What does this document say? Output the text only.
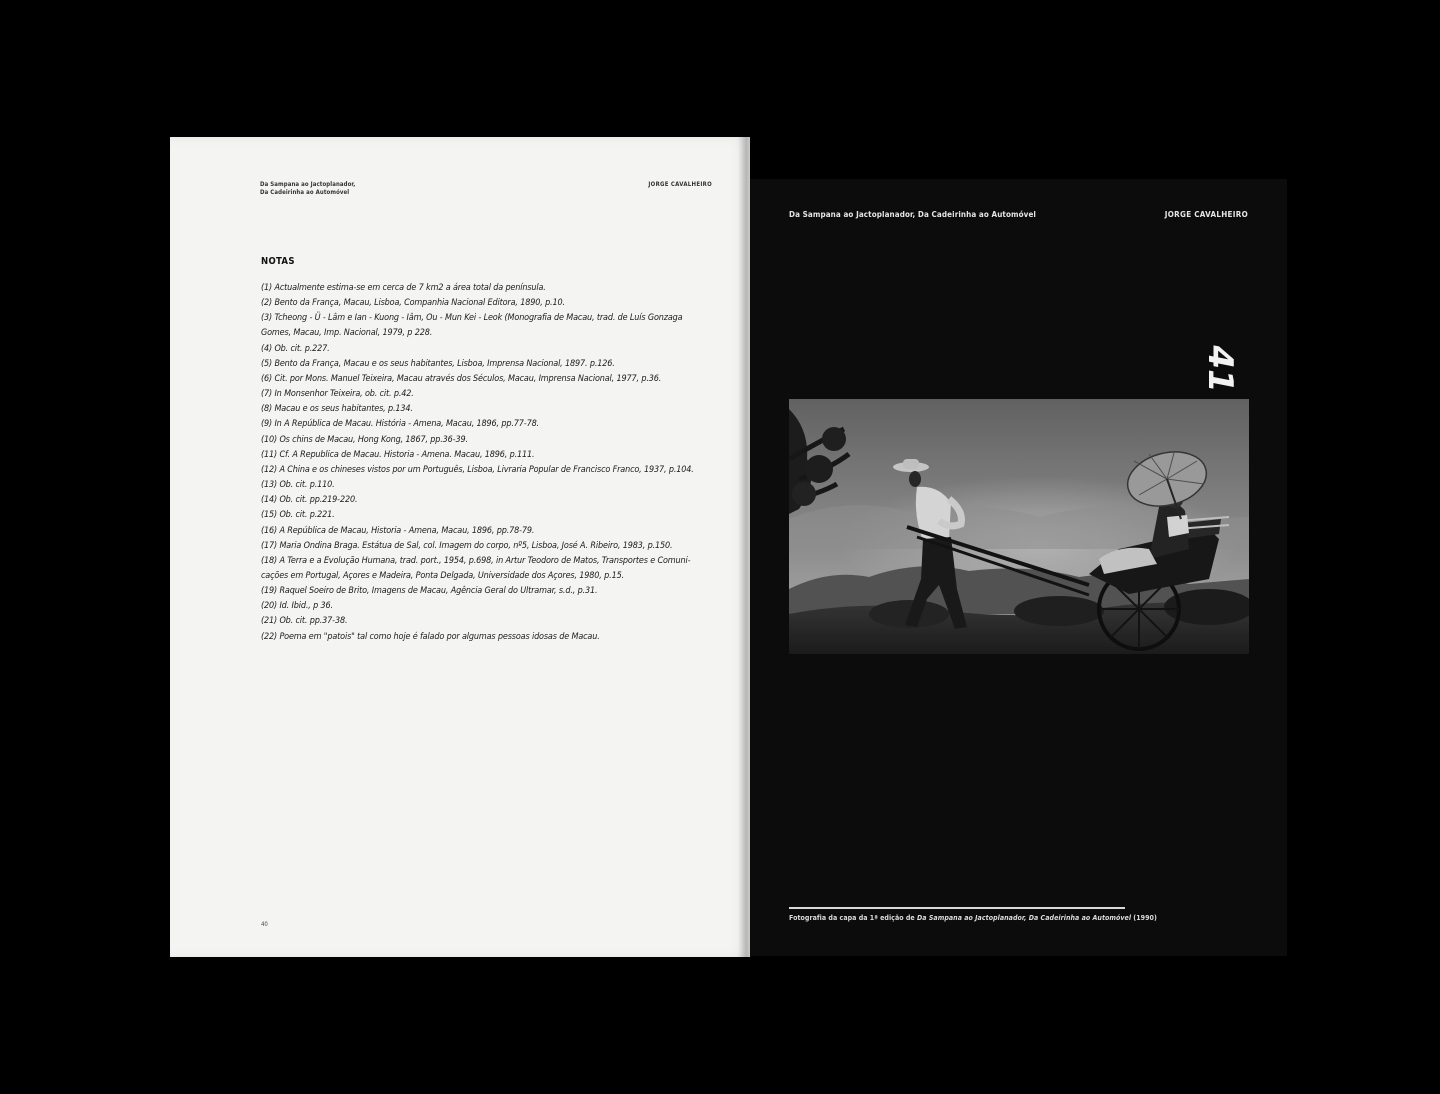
Da Sampana ao Jactoplanador,
Da Cadeirinha ao Automóvel
JORGE CAVALHEIRO
NOTAS
(1) Actualmente estima-se em cerca de 7 km2 a área total da península.
(2) Bento da França, Macau, Lisboa, Companhia Nacional Editora, 1890, p.10.
(3) Tcheong - Ü - Lâm e Ian - Kuong - Iâm, Ou - Mun Kei - Leok (Monografia de Macau, trad. de Luís Gonzaga
Gomes, Macau, Imp. Nacional, 1979, p 228.
(4) Ob. cit. p.227.
(5) Bento da França, Macau e os seus habitantes, Lisboa, Imprensa Nacional, 1897. p.126.
(6) Cit. por Mons. Manuel Teixeira, Macau através dos Séculos, Macau, Imprensa Nacional, 1977, p.36.
(7) In Monsenhor Teixeira, ob. cit. p.42.
(8) Macau e os seus habitantes, p.134.
(9) In A República de Macau. História - Amena, Macau, 1896, pp.77-78.
(10) Os chins de Macau, Hong Kong, 1867, pp.36-39.
(11) Cf. A Republica de Macau. Historia - Amena. Macau, 1896, p.111.
(12) A China e os chineses vistos por um Português, Lisboa, Livraria Popular de Francisco Franco, 1937, p.104.
(13) Ob. cit. p.110.
(14) Ob. cit. pp.219-220.
(15) Ob. cit. p.221.
(16) A República de Macau, Historia - Amena, Macau, 1896, pp.78-79.
(17) Maria Ondina Braga. Estátua de Sal, col. Imagem do corpo, nº5, Lisboa, José A. Ribeiro, 1983, p.150.
(18) A Terra e a Evolução Humana, trad. port., 1954, p.698, in Artur Teodoro de Matos, Transportes e Comuni-
cações em Portugal, Açores e Madeira, Ponta Delgada, Universidade dos Açores, 1980, p.15.
(19) Raquel Soeiro de Brito, Imagens de Macau, Agência Geral do Ultramar, s.d., p.31.
(20) Id. Ibid., p 36.
(21) Ob. cit. pp.37-38.
(22) Poema em "patois" tal como hoje é falado por algumas pessoas idosas de Macau.
40
Da Sampana ao Jactoplanador, Da Cadeirinha ao Automóvel	JORGE CAVALHEIRO
41
Fotografia da capa da 1ª edição de Da Sampana ao Jactoplanador, Da Cadeirinha ao Automóvel (1990)
